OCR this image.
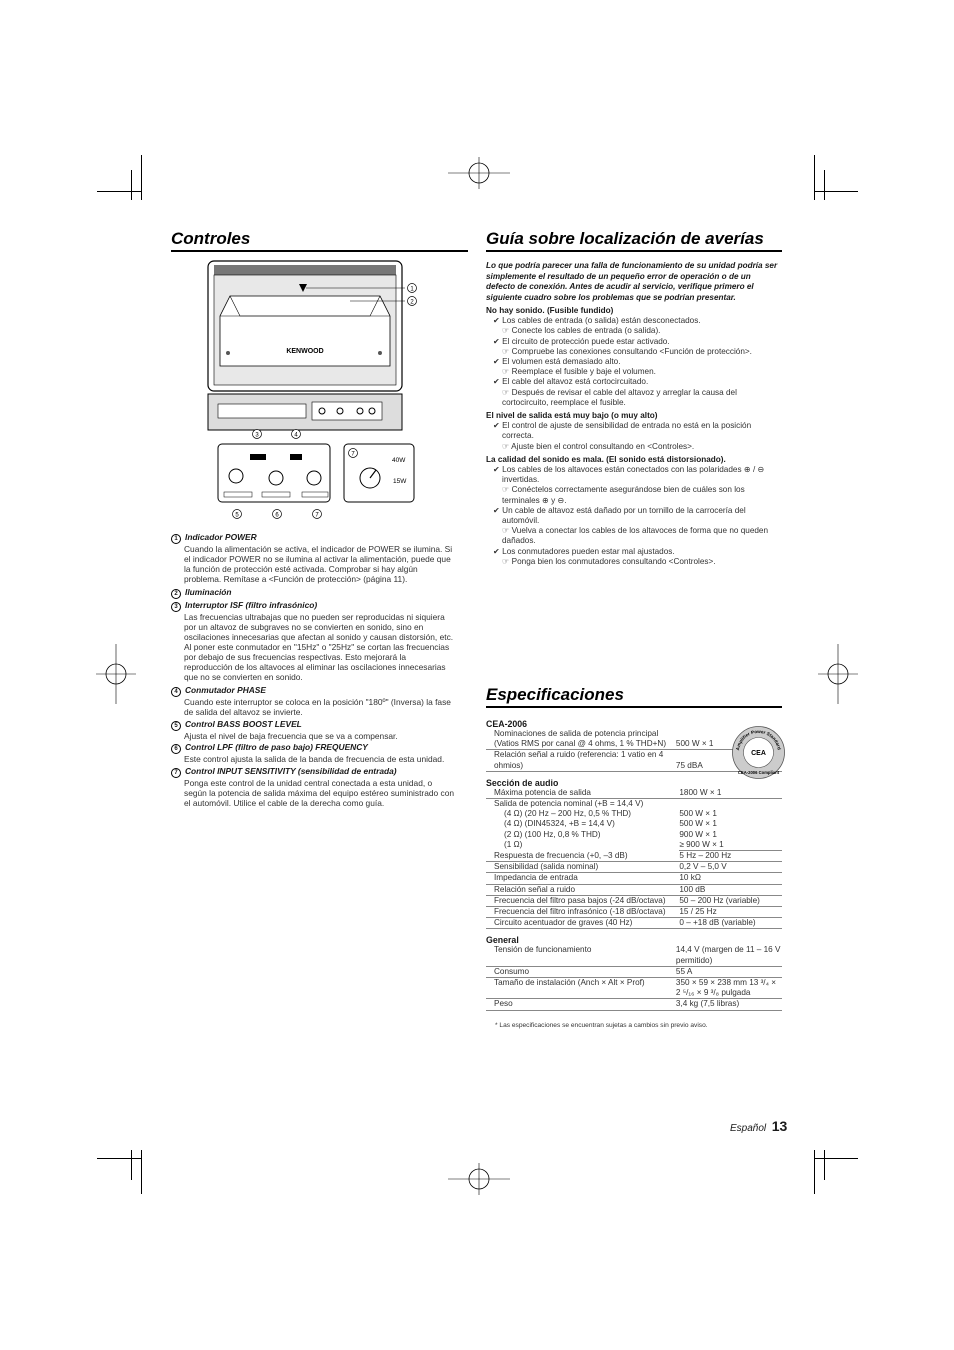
Controles
KENWOOD
1
2
3	4
5	6	7
7
40W
15W
1 Indicador POWER
Cuando la alimentación se activa, el indicador de POWER se ilumina. Si el indicador POWER no se ilumina al activar la alimentación, puede que la función de protección esté activada. Comprobar si hay algún problema. Remítase a <Función de protección> (página 11).
2 Iluminación
3 Interruptor ISF (filtro infrasónico)
Las frecuencias ultrabajas que no pueden ser reproducidas ni siquiera por un altavoz de subgraves no se convierten en sonido, sino en oscilaciones innecesarias que afectan al sonido y causan distorsión, etc. Al poner este conmutador en "15Hz" o "25Hz" se cortan las frecuencias por debajo de sus frecuencias respectivas. Esto mejorará la reproducción de los altavoces al eliminar las oscilaciones innecesarias que no se convierten en sonido.
4 Conmutador PHASE
Cuando este interruptor se coloca en la posición "180º" (Inversa) la fase de salida del altavoz se invierte.
5 Control BASS BOOST LEVEL
Ajusta el nivel de baja frecuencia que se va a compensar.
6 Control LPF (filtro de paso bajo) FREQUENCY
Este control ajusta la salida de la banda de frecuencia de esta unidad.
7 Control INPUT SENSITIVITY (sensibilidad de entrada)
Ponga este control de la unidad central conectada a esta unidad, o según la potencia de salida máxima del equipo estéreo suministrado con el automóvil. Utilice el cable de la derecha como guía.
Guía sobre localización de averías
Lo que podría parecer una falla de funcionamiento de su unidad podría ser simplemente el resultado de un pequeño error de operación o de un defecto de conexión. Antes de acudir al servicio, verifique primero el siguiente cuadro sobre los problemas que se podrían presentar.
No hay sonido. (Fusible fundido)
✔ Los cables de entrada (o salida) están desconectados.
☞ Conecte los cables de entrada (o salida).
✔ El circuito de protección puede estar activado.
☞ Compruebe las conexiones consultando <Función de protección>.
✔ El volumen está demasiado alto.
☞ Reemplace el fusible y baje el volumen.
✔ El cable del altavoz está cortocircuitado.
☞ Después de revisar el cable del altavoz y arreglar la causa del cortocircuito, reemplace el fusible.
El nivel de salida está muy bajo (o muy alto)
✔ El control de ajuste de sensibilidad de entrada no está en la posición correcta.
☞ Ajuste bien el control consultando en <Controles>.
La calidad del sonido es mala. (El sonido está distorsionado).
✔ Los cables de los altavoces están conectados con las polaridades ⊕ / ⊖ invertidas.
☞ Conéctelos correctamente asegurándose bien de cuáles son los terminales ⊕ y ⊖.
✔ Un cable de altavoz está dañado por un tornillo de la carrocería del automóvil.
☞ Vuelva a conectar los cables de los altavoces de forma que no queden dañados.
✔ Los conmutadores pueden estar mal ajustados.
☞ Ponga bien los conmutadores consultando <Controles>.
Especificaciones
CEA-2006
Nominaciones de salida de potencia principal (Vatios RMS por canal @ 4 ohms, 1 % THD+N)	500 W × 1
Relación señal a ruido (referencia: 1 vatio en 4 ohmios)	75 dBA
Amplifier Power Standard
CEA
CEA-2006 Compliant
Sección de audio
Máxima potencia de salida	1800 W × 1
Salida de potencia nominal (+B = 14,4 V)	
(4 Ω) (20 Hz – 200 Hz, 0,5 % THD)	500 W × 1
(4 Ω) (DIN45324, +B = 14,4 V)	500 W × 1
(2 Ω) (100 Hz, 0,8 % THD)	900 W × 1
(1 Ω)	≥ 900 W × 1
Respuesta de frecuencia (+0, –3 dB)	5 Hz – 200 Hz
Sensibilidad (salida nominal)	0,2 V – 5,0 V
Impedancia de entrada	10 kΩ
Relación señal a ruido	100 dB
Frecuencia del filtro pasa bajos (-24 dB/octava)	50 – 200 Hz (variable)
Frecuencia del filtro infrasónico (-18 dB/octava)	15 / 25 Hz
Circuito acentuador de graves (40 Hz)	0 – +18 dB (variable)
General
Tensión de funcionamiento	14,4 V (margen de 11 – 16 V permitido)
Consumo	55 A
Tamaño de instalación (Anch × Alt × Prof)	350 × 59 × 238 mm 13 ³/₄ × 2 ⁵/₁₆ × 9 ³/₈ pulgada
Peso	3,4 kg (7,5 libras)
* Las especificaciones se encuentran sujetas a cambios sin previo aviso.
Español 13
